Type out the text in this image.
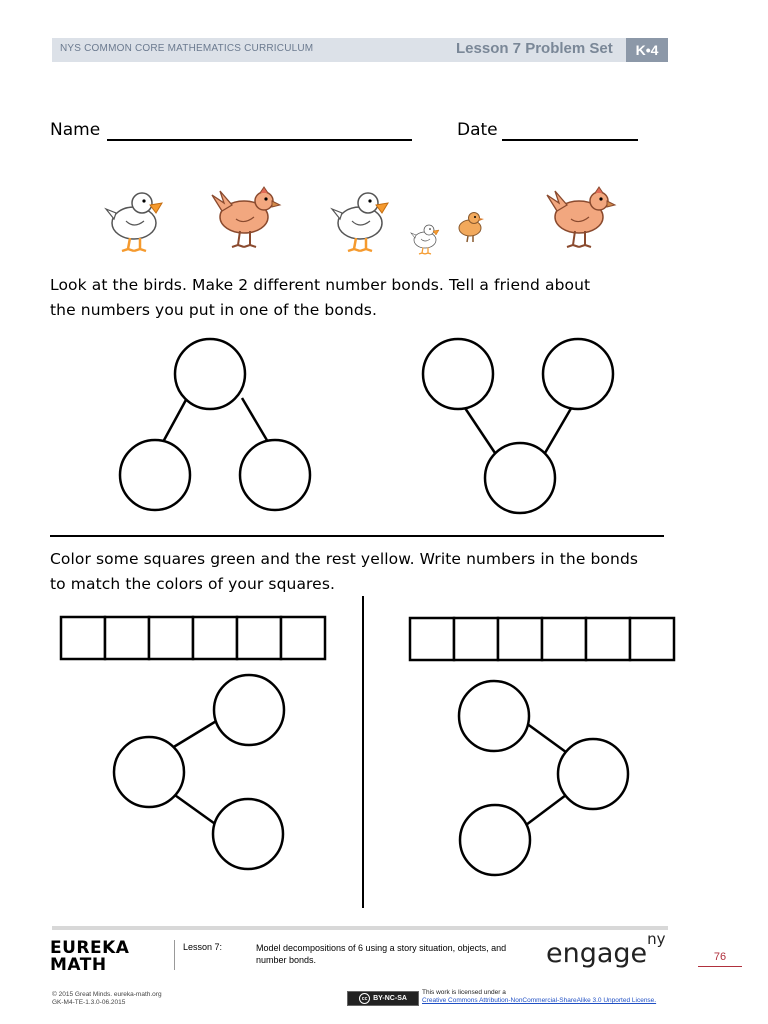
NYS COMMON CORE MATHEMATICS CURRICULUM	Lesson 7 Problem Set	K•4
Name	Date
Look at the birds. Make 2 different number bonds. Tell a friend about
the numbers you put in one of the bonds.
Color some squares green and the rest yellow. Write numbers in the bonds
to match the colors of your squares.
EUREKA
MATH
Lesson 7:	Model decompositions of 6 using a story situation, objects, and number bonds.	engage$^{ny}$
76
© 2015 Great Minds. eureka-math.org
GK-M4-TE-1.3.0-06.2015
cc BY-NC-SA
This work is licensed under a
Creative Commons Attribution-NonCommercial-ShareAlike 3.0 Unported License.
